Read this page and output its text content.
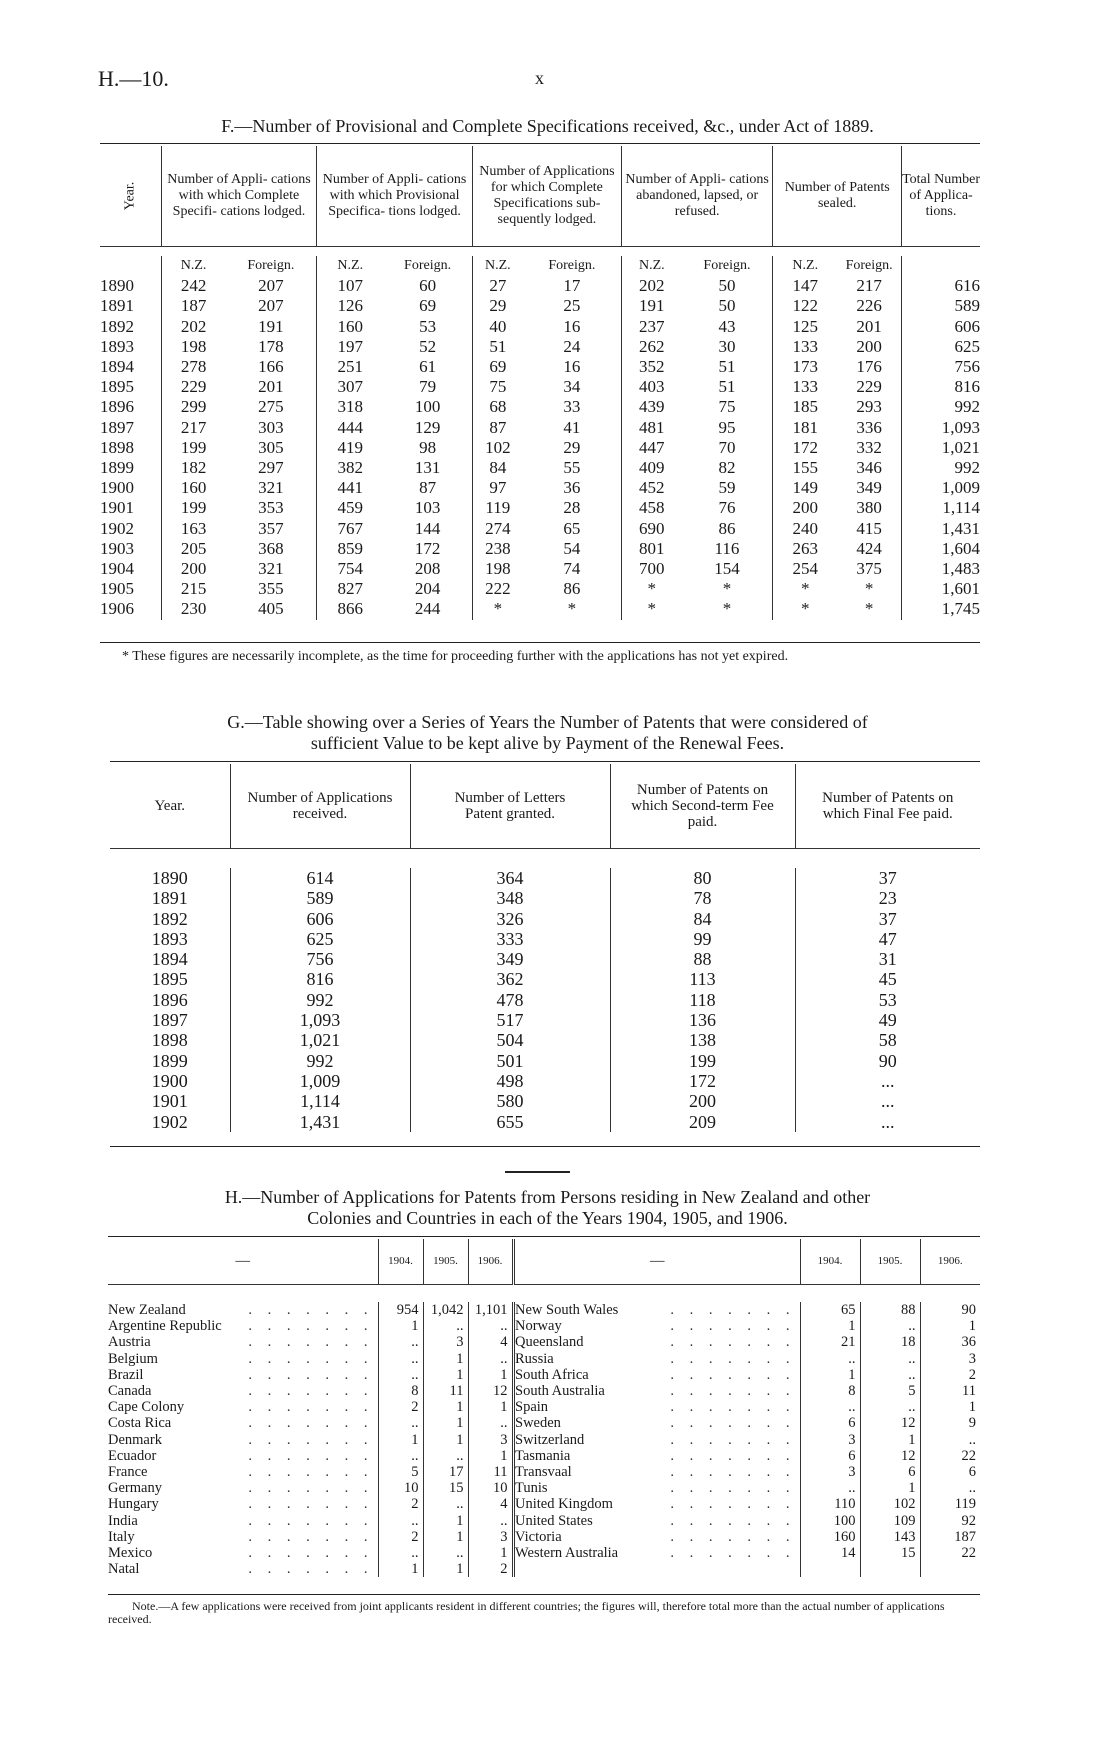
H.—10.	x
F.—Number of Provisional and Complete Specifications received, &c., under Act of 1889.
Year.	Number of Appli- cations with which Complete Specifi- cations lodged.		Number of Appli- cations with which Provisional Specifica- tions lodged.		Number of Applications for which Complete Specifications sub- sequently lodged.		Number of Appli- cations abandoned, lapsed, or refused.		Number of Patents sealed.		Total Number of Applica- tions.

	N.Z.	Foreign.	N.Z.	Foreign.	N.Z.	Foreign.	N.Z.	Foreign.	N.Z.	Foreign.	
1890	242	207	107	60	27	17	202	50	147	217	616
1891	187	207	126	69	29	25	191	50	122	226	589
1892	202	191	160	53	40	16	237	43	125	201	606
1893	198	178	197	52	51	24	262	30	133	200	625
1894	278	166	251	61	69	16	352	51	173	176	756
1895	229	201	307	79	75	34	403	51	133	229	816
1896	299	275	318	100	68	33	439	75	185	293	992
1897	217	303	444	129	87	41	481	95	181	336	1,093
1898	199	305	419	98	102	29	447	70	172	332	1,021
1899	182	297	382	131	84	55	409	82	155	346	992
1900	160	321	441	87	97	36	452	59	149	349	1,009
1901	199	353	459	103	119	28	458	76	200	380	1,114
1902	163	357	767	144	274	65	690	86	240	415	1,431
1903	205	368	859	172	238	54	801	116	263	424	1,604
1904	200	321	754	208	198	74	700	154	254	375	1,483
1905	215	355	827	204	222	86	*	*	*	*	1,601
1906	230	405	866	244	*	*	*	*	*	*	1,745
* These figures are necessarily incomplete, as the time for proceeding further with the applications has not yet expired.
G.—Table showing over a Series of Years the Number of Patents that were considered of
sufficient Value to be kept alive by Payment of the Renewal Fees.
Year.	Number of Applications received.	Number of Letters Patent granted.	Number of Patents on which Second-term Fee paid.	Number of Patents on which Final Fee paid.

1890	614	364	80	37
1891	589	348	78	23
1892	606	326	84	37
1893	625	333	99	47
1894	756	349	88	31
1895	816	362	113	45
1896	992	478	118	53
1897	1,093	517	136	49
1898	1,021	504	138	58
1899	992	501	199	90
1900	1,009	498	172	...
1901	1,114	580	200	...
1902	1,431	655	209	...
H.—Number of Applications for Patents from Persons residing in New Zealand and other
Colonies and Countries in each of the Years 1904, 1905, and 1906.
—	1904.	1905.	1906.		—	1904.	1905.	1906.

New Zealand	. . . . . . . 954	1,042	1,101		New South Wales	. . . . . . .	65	88	90

Argentine Republic . . . . . . .	1	..	..		Norway	. . . . . . .	1	..	1

Austria	. . . . . . .	..	3	4		Queensland	. . . . . . .	21	18	36

Belgium	. . . . . . .	..	1	..		Russia	. . . . . . .	..	..	3

Brazil	. . . . . . .	..	1	1		South Africa	. . . . . . .	1	..	2

Canada	. . . . . . .	8	11	12		South Australia	. . . . . . .	8	5	11

Cape Colony	. . . . . . .	2	1	1		Spain	. . . . . . .	..	..	1

Costa Rica	. . . . . . .	..	1	..		Sweden	. . . . . . .	6	12	9

Denmark	. . . . . . .	1	1	3		Switzerland	. . . . . . .	3	1	..

Ecuador	. . . . . . .	..	..	1		Tasmania	. . . . . . .	6	12	22

France	. . . . . . .	5	17	11		Transvaal	. . . . . . .	3	6	6

Germany	. . . . . . . 10	15	10		Tunis	. . . . . . .	..	1	..

Hungary	. . . . . . .	2	..	4		United Kingdom	. . . . . . .	110	102	119

India	. . . . . . .	..	1	..		United States	. . . . . . .	100	109	92

Italy	. . . . . . .	2	1	3		Victoria	. . . . . . .	160	143	187

Mexico	. . . . . . .	..	..	1		Western Australia	. . . . . . .	14	15	22

Natal	. . . . . . .	1	1	2					
Note.—A few applications were received from joint applicants resident in different countries; the figures will, therefore total more than the actual number of applications received.
